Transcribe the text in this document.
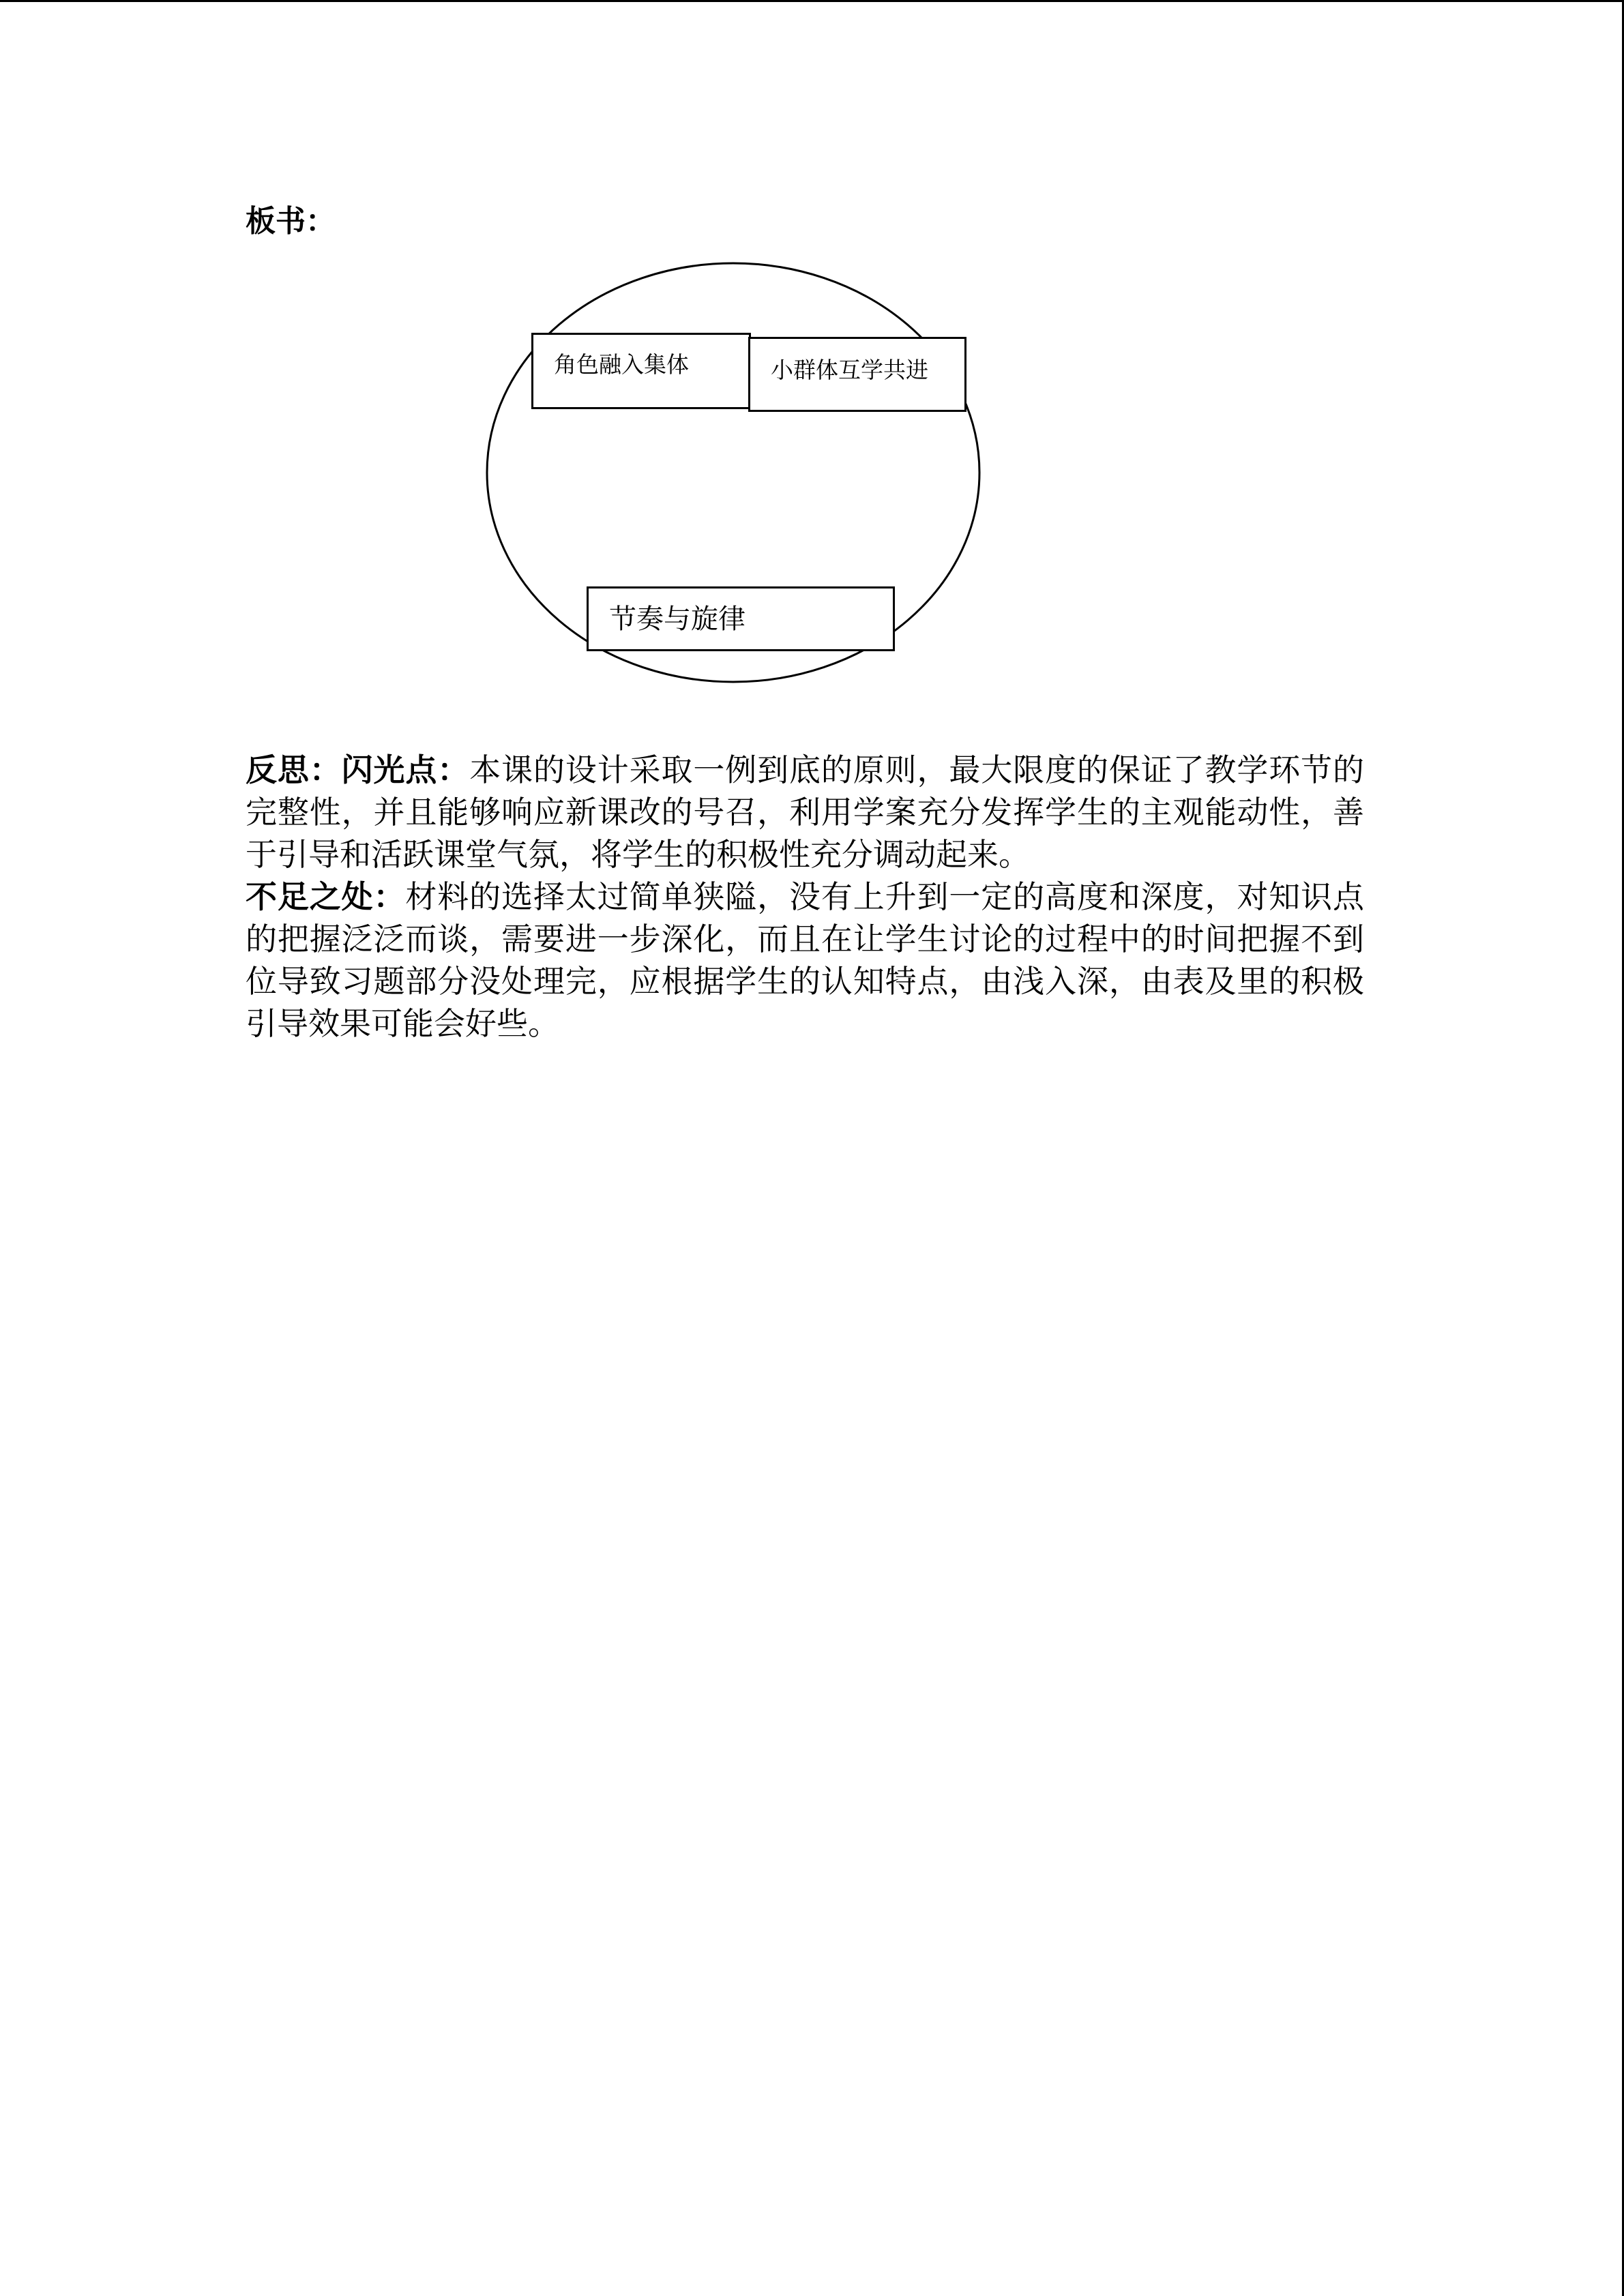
板书：
角色融入集体	小群体互学共进
节奏与旋律

反思：闪光点：本课的设计采取一例到底的原则，最大限度的保证了教学环节的完整性，并且能够响应新课改的号召，利用学案充分发挥学生的主观能动性，善于引导和活跃课堂气氛，将学生的积极性充分调动起来。

不足之处：材料的选择太过简单狭隘，没有上升到一定的高度和深度，对知识点的把握泛泛而谈，需要进一步深化，而且在让学生讨论的过程中的时间把握不到位导致习题部分没处理完，应根据学生的认知特点，由浅入深，由表及里的积极引导效果可能会好些。
